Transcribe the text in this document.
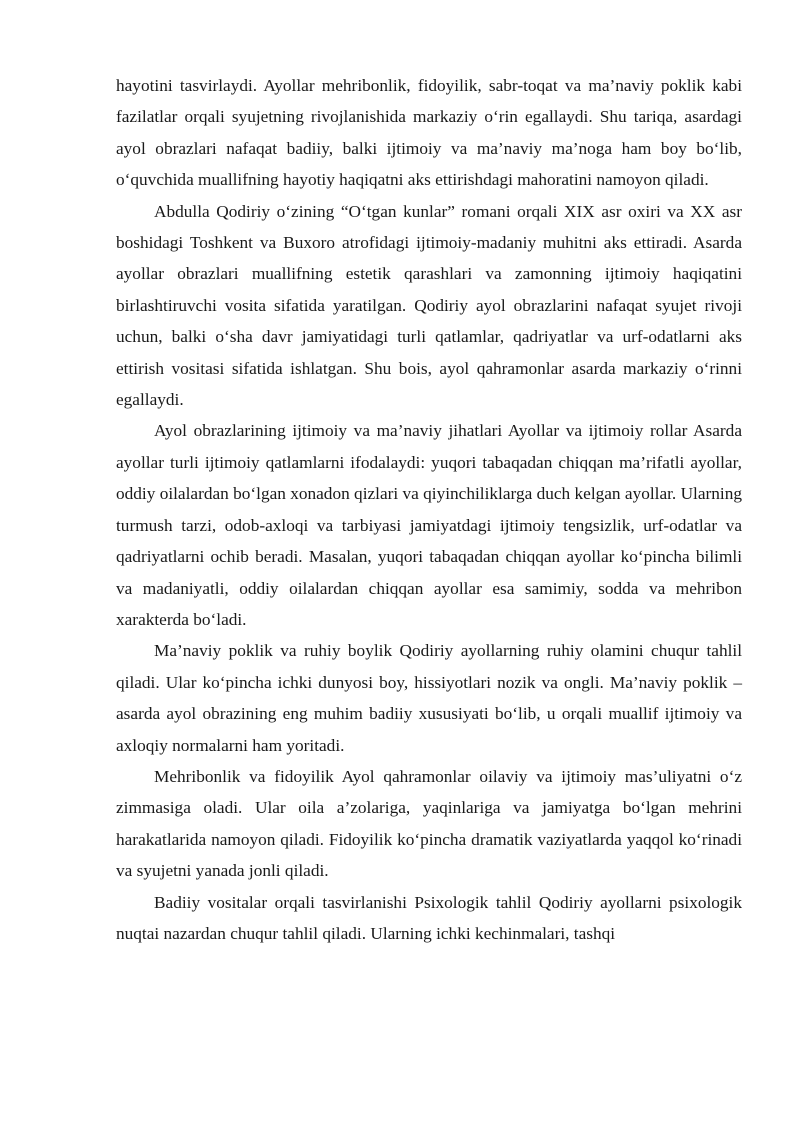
hayotini tasvirlaydi. Ayollar mehribonlik, fidoyilik, sabr-toqat va ma’naviy poklik kabi fazilatlar orqali syujetning rivojlanishida markaziy o‘rin egallaydi. Shu tariqa, asardagi ayol obrazlari nafaqat badiiy, balki ijtimoiy va ma’naviy ma’noga ham boy bo‘lib, o‘quvchida muallifning hayotiy haqiqatni aks ettirishdagi mahoratini namoyon qiladi.

Abdulla Qodiriy o‘zining “O‘tgan kunlar” romani orqali XIX asr oxiri va XX asr boshidagi Toshkent va Buxoro atrofidagi ijtimoiy-madaniy muhitni aks ettiradi. Asarda ayollar obrazlari muallifning estetik qarashlari va zamonning ijtimoiy haqiqatini birlashtiruvchi vosita sifatida yaratilgan. Qodiriy ayol obrazlarini nafaqat syujet rivoji uchun, balki o‘sha davr jamiyatidagi turli qatlamlar, qadriyatlar va urf-odatlarni aks ettirish vositasi sifatida ishlatgan. Shu bois, ayol qahramonlar asarda markaziy o‘rinni egallaydi.

Ayol obrazlarining ijtimoiy va ma’naviy jihatlari Ayollar va ijtimoiy rollar Asarda ayollar turli ijtimoiy qatlamlarni ifodalaydi: yuqori tabaqadan chiqqan ma’rifatli ayollar, oddiy oilalardan bo‘lgan xonadon qizlari va qiyinchiliklarga duch kelgan ayollar. Ularning turmush tarzi, odob-axloqi va tarbiyasi jamiyatdagi ijtimoiy tengsizlik, urf-odatlar va qadriyatlarni ochib beradi. Masalan, yuqori tabaqadan chiqqan ayollar ko‘pincha bilimli va madaniyatli, oddiy oilalardan chiqqan ayollar esa samimiy, sodda va mehribon xarakterda bo‘ladi.

Ma’naviy poklik va ruhiy boylik Qodiriy ayollarning ruhiy olamini chuqur tahlil qiladi. Ular ko‘pincha ichki dunyosi boy, hissiyotlari nozik va ongli. Ma’naviy poklik – asarda ayol obrazining eng muhim badiiy xususiyati bo‘lib, u orqali muallif ijtimoiy va axloqiy normalarni ham yoritadi.

Mehribonlik va fidoyilik Ayol qahramonlar oilaviy va ijtimoiy mas’uliyatni o‘z zimmasiga oladi. Ular oila a’zolariga, yaqinlariga va jamiyatga bo‘lgan mehrini harakatlarida namoyon qiladi. Fidoyilik ko‘pincha dramatik vaziyatlarda yaqqol ko‘rinadi va syujetni yanada jonli qiladi.

Badiiy vositalar orqali tasvirlanishi Psixologik tahlil Qodiriy ayollarni psixologik nuqtai nazardan chuqur tahlil qiladi. Ularning ichki kechinmalari, tashqi
